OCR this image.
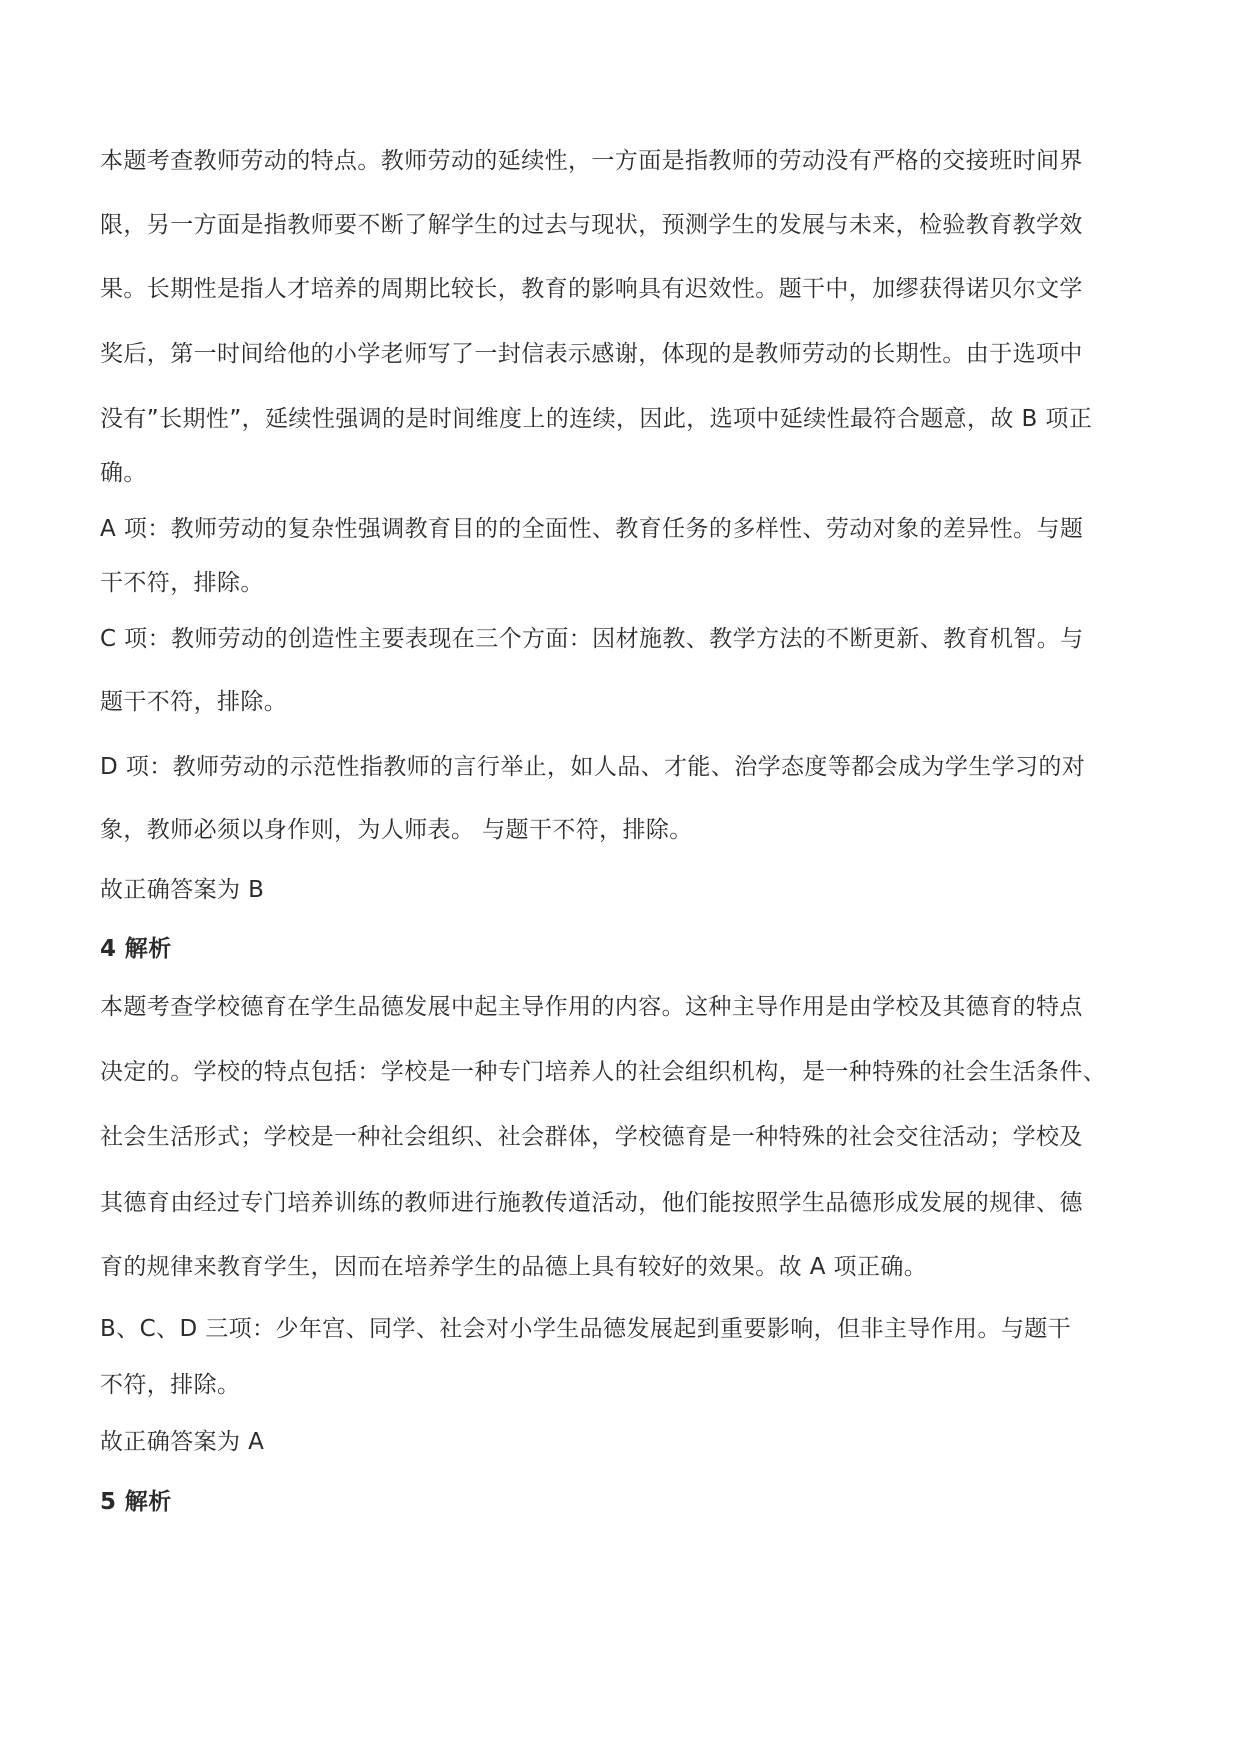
本题考查教师劳动的特点。教师劳动的延续性，一方面是指教师的劳动没有严格的交接班时间界
限，另一方面是指教师要不断了解学生的过去与现状，预测学生的发展与未来，检验教育教学效
果。长期性是指人才培养的周期比较长，教育的影响具有迟效性。题干中，加缪获得诺贝尔文学
奖后，第一时间给他的小学老师写了一封信表示感谢，体现的是教师劳动的长期性。由于选项中
没有”长期性”，延续性强调的是时间维度上的连续，因此，选项中延续性最符合题意，故 B 项正
确。
A 项：教师劳动的复杂性强调教育目的的全面性、教育任务的多样性、劳动对象的差异性。与题
干不符，排除。
C 项：教师劳动的创造性主要表现在三个方面：因材施教、教学方法的不断更新、教育机智。与
题干不符，排除。
D 项：教师劳动的示范性指教师的言行举止，如人品、才能、治学态度等都会成为学生学习的对
象，教师必须以身作则，为人师表。 与题干不符，排除。
故正确答案为 B
4 解析
本题考查学校德育在学生品德发展中起主导作用的内容。这种主导作用是由学校及其德育的特点
决定的。学校的特点包括：学校是一种专门培养人的社会组织机构，是一种特殊的社会生活条件、
社会生活形式；学校是一种社会组织、社会群体，学校德育是一种特殊的社会交往活动；学校及
其德育由经过专门培养训练的教师进行施教传道活动，他们能按照学生品德形成发展的规律、德
育的规律来教育学生，因而在培养学生的品德上具有较好的效果。故 A 项正确。
B、C、D 三项：少年宫、同学、社会对小学生品德发展起到重要影响，但非主导作用。与题干
不符，排除。
故正确答案为 A
5 解析
